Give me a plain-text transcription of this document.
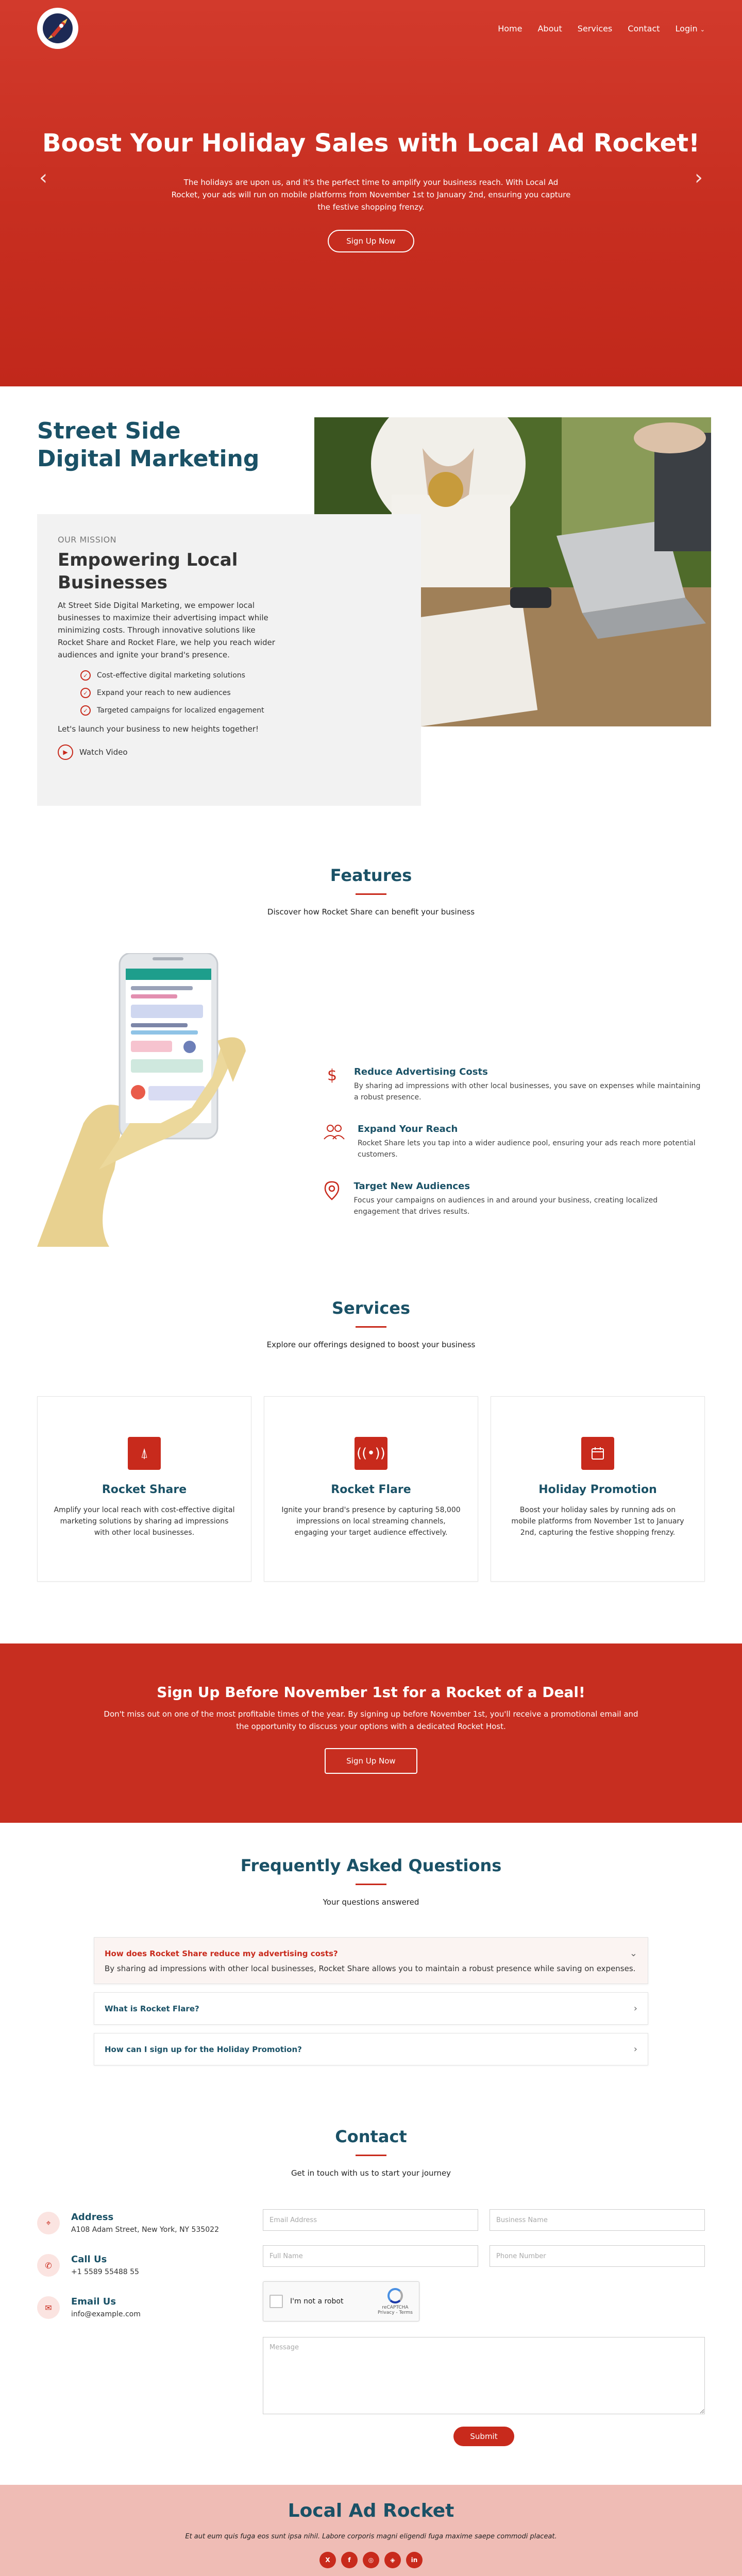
Home About Services Contact Login ⌄
‹	›
Boost Your Holiday Sales with Local Ad Rocket!

The holidays are upon us, and it's the perfect time to amplify your business reach. With Local Ad Rocket, your ads will run on mobile platforms from November 1st to January 2nd, ensuring you capture the festive shopping frenzy.

Sign Up Now
Street Side Digital Marketing
OUR MISSION
Empowering Local Businesses

At Street Side Digital Marketing, we empower local businesses to maximize their advertising impact while minimizing costs. Through innovative solutions like Rocket Share and Rocket Flare, we help you reach wider audiences and ignite your brand's presence.

✓	Cost-effective digital marketing solutions
✓	Expand your reach to new audiences
✓	Targeted campaigns for localized engagement

Let's launch your business to new heights together!

▶	Watch Video
Features

Discover how Rocket Share can benefit your business

$	Reduce Advertising Costs
By sharing ad impressions with other local businesses, you save on expenses while maintaining a robust presence.
Expand Your Reach
Rocket Share lets you tap into a wider audience pool, ensuring your ads reach more potential customers.
Target New Audiences
Focus your campaigns on audiences in and around your business, creating localized engagement that drives results.
Services

Explore our offerings designed to boost your business

⍋
Rocket Share
Amplify your local reach with cost-effective digital marketing solutions by sharing ad impressions with other local businesses.
((•))
Rocket Flare
Ignite your brand's presence by capturing 58,000 impressions on local streaming channels, engaging your target audience effectively.
Holiday Promotion
Boost your holiday sales by running ads on mobile platforms from November 1st to January 2nd, capturing the festive shopping frenzy.
Sign Up Before November 1st for a Rocket of a Deal!

Don't miss out on one of the most profitable times of the year. By signing up before November 1st, you'll receive a promotional email and the opportunity to discuss your options with a dedicated Rocket Host.

Sign Up Now
Frequently Asked Questions

Your questions answered

How does Rocket Share reduce my advertising costs?	⌄
By sharing ad impressions with other local businesses, Rocket Share allows you to maintain a robust presence while saving on expenses.
What is Rocket Flare?	›
How can I sign up for the Holiday Promotion?	›
Contact

Get in touch with us to start your journey

⌖
Address
A108 Adam Street, New York, NY 535022
✆
Call Us
+1 5589 55488 55
✉
Email Us
info@example.com
Email Address
Business Name
Full Name
Phone Number
I'm not a robot
reCAPTCHA
Privacy - Terms
Message
Submit
Local Ad Rocket

Et aut eum quis fuga eos sunt ipsa nihil. Labore corporis magni eligendi fuga maxime saepe commodi placeat.

X	f	◎	◈	in
